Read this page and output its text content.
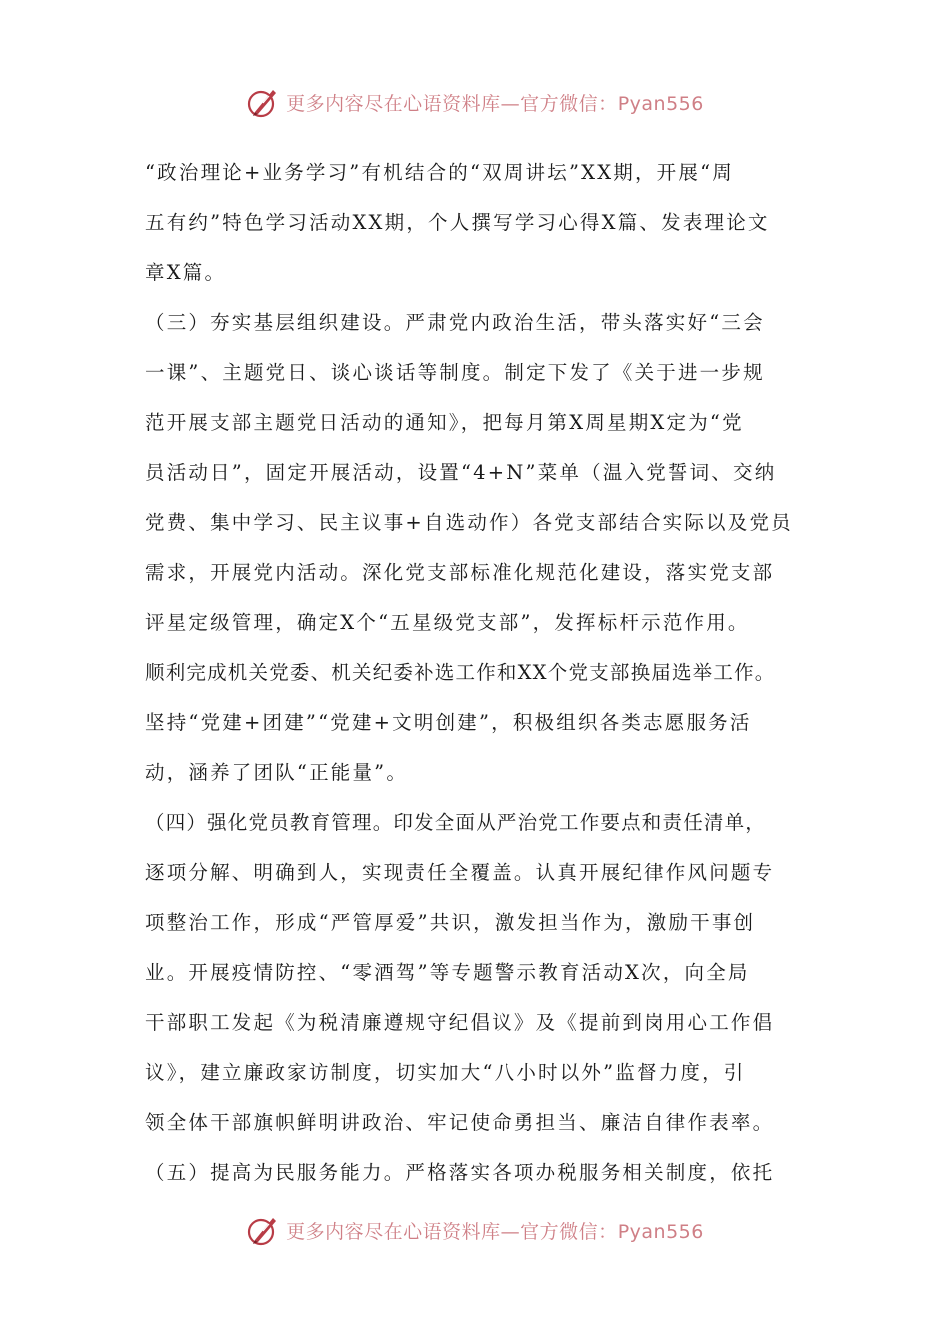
更多内容尽在心语资料库—官方微信：Pyan556
“政治理论+业务学习”有机结合的“双周讲坛”XX期，开展“周
五有约”特色学习活动XX期，个人撰写学习心得X篇、发表理论文
章X篇。
（三）夯实基层组织建设。严肃党内政治生活，带头落实好“三会
一课”、主题党日、谈心谈话等制度。制定下发了《关于进一步规
范开展支部主题党日活动的通知》，把每月第X周星期X定为“党
员活动日”，固定开展活动，设置“4+N”菜单（温入党誓词、交纳
党费、集中学习、民主议事+自选动作）各党支部结合实际以及党员
需求，开展党内活动。深化党支部标准化规范化建设，落实党支部
评星定级管理，确定X个“五星级党支部”，发挥标杆示范作用。
顺利完成机关党委、机关纪委补选工作和XX个党支部换届选举工作。
坚持“党建+团建”“党建+文明创建”，积极组织各类志愿服务活
动，涵养了团队“正能量”。
（四）强化党员教育管理。印发全面从严治党工作要点和责任清单，
逐项分解、明确到人，实现责任全覆盖。认真开展纪律作风问题专
项整治工作，形成“严管厚爱”共识，激发担当作为，激励干事创
业。开展疫情防控、“零酒驾”等专题警示教育活动X次，向全局
干部职工发起《为税清廉遵规守纪倡议》及《提前到岗用心工作倡
议》，建立廉政家访制度，切实加大“八小时以外”监督力度，引
领全体干部旗帜鲜明讲政治、牢记使命勇担当、廉洁自律作表率。
（五）提高为民服务能力。严格落实各项办税服务相关制度，依托
更多内容尽在心语资料库—官方微信：Pyan556
